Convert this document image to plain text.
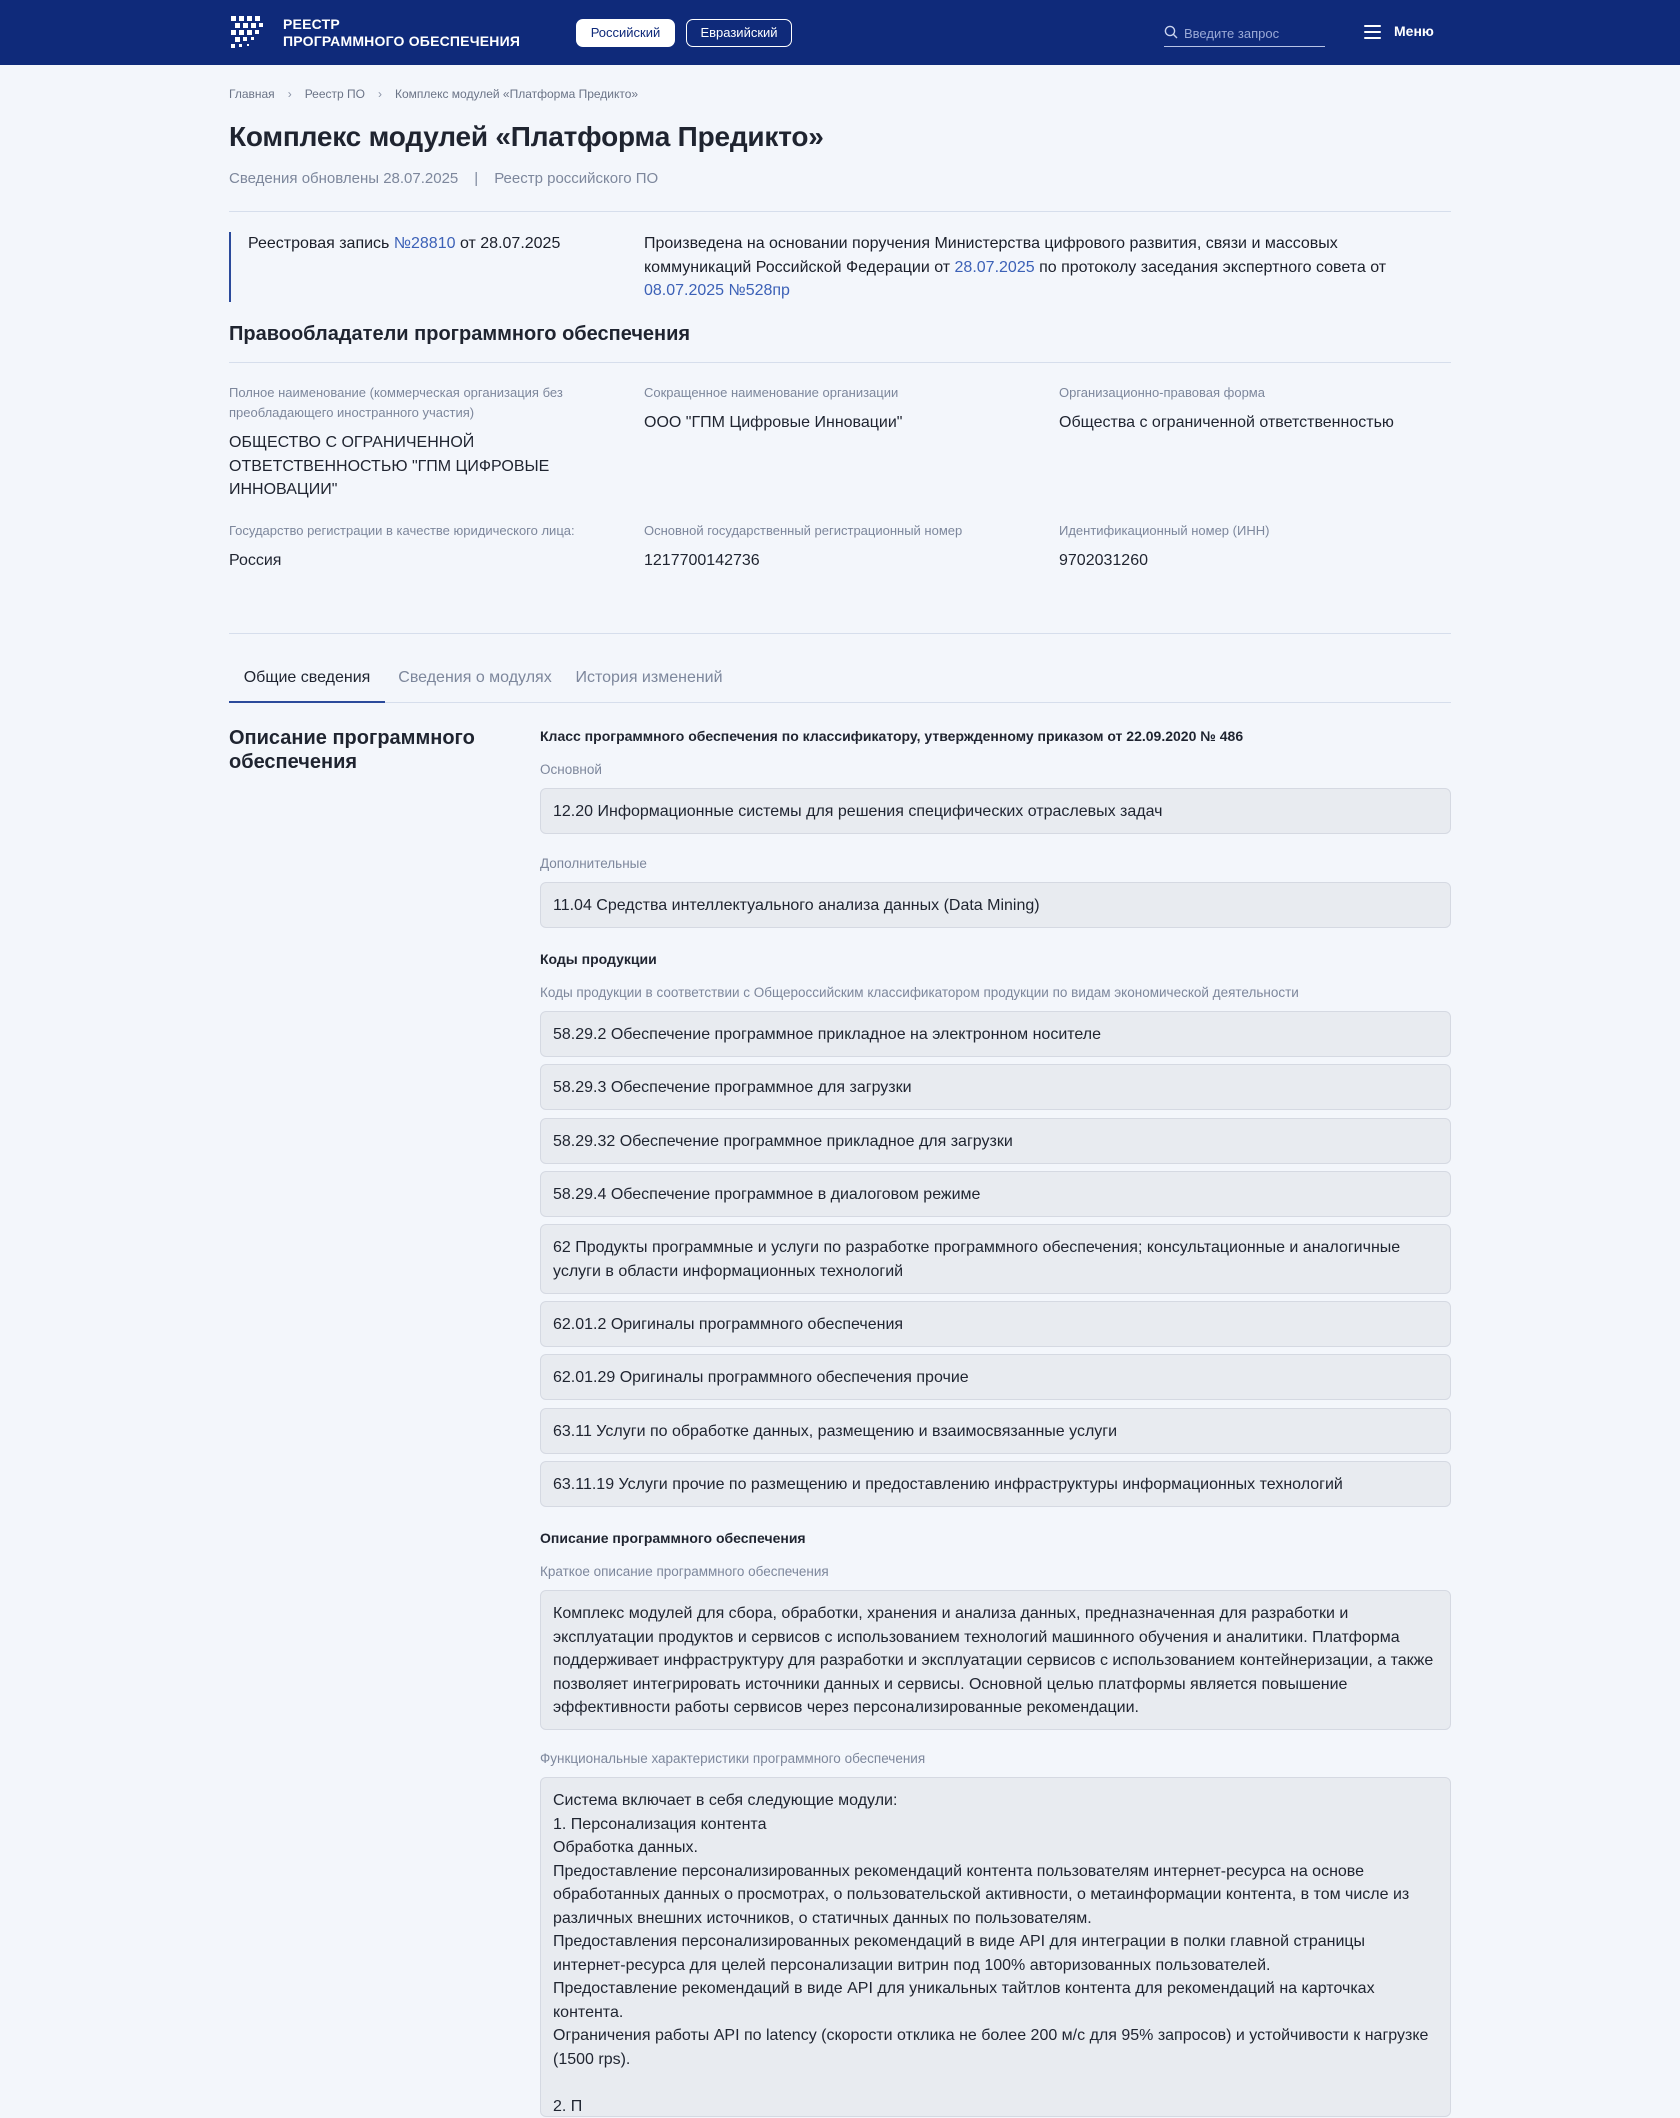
РЕЕСТР
ПРОГРАММНОГО ОБЕСПЕЧЕНИЯ
Российский	Евразийский
Введите запрос	Меню
Главная › Реестр ПО › Комплекс модулей «Платформа Предикто»
Комплекс модулей «Платформа Предикто»
Сведения обновлены 28.07.2025 | Реестр российского ПО
Реестровая запись №28810 от 28.07.2025	Произведена на основании поручения Министерства цифрового развития, связи и массовых коммуникаций Российской Федерации от 28.07.2025 по протоколу заседания экспертного совета от 08.07.2025 №528пр
Правообладатели программного обеспечения
Полное наименование (коммерческая организация без преобладающего иностранного участия)
ОБЩЕСТВО С ОГРАНИЧЕННОЙ ОТВЕТСТВЕННОСТЬЮ "ГПМ ЦИФРОВЫЕ ИННОВАЦИИ"
Сокращенное наименование организации
ООО "ГПМ Цифровые Инновации"
Организационно-правовая форма
Общества с ограниченной ответственностью
Государство регистрации в качестве юридического лица:
Россия
Основной государственный регистрационный номер
1217700142736
Идентификационный номер (ИНН)
9702031260
Общие сведения	Сведения о модулях	История изменений
Описание программного обеспечения
Класс программного обеспечения по классификатору, утвержденному приказом от 22.09.2020 № 486
Основной
12.20 Информационные системы для решения специфических отраслевых задач
Дополнительные
11.04 Средства интеллектуального анализа данных (Data Mining)
Коды продукции
Коды продукции в соответствии с Общероссийским классификатором продукции по видам экономической деятельности
58.29.2 Обеспечение программное прикладное на электронном носителе
58.29.3 Обеспечение программное для загрузки
58.29.32 Обеспечение программное прикладное для загрузки
58.29.4 Обеспечение программное в диалоговом режиме
62 Продукты программные и услуги по разработке программного обеспечения; консультационные и аналогичные услуги в области информационных технологий
62.01.2 Оригиналы программного обеспечения
62.01.29 Оригиналы программного обеспечения прочие
63.11 Услуги по обработке данных, размещению и взаимосвязанные услуги
63.11.19 Услуги прочие по размещению и предоставлению инфраструктуры информационных технологий
Описание программного обеспечения
Краткое описание программного обеспечения
Комплекс модулей для сбора, обработки, хранения и анализа данных, предназначенная для разработки и эксплуатации продуктов и сервисов с использованием технологий машинного обучения и аналитики. Платформа поддерживает инфраструктуру для разработки и эксплуатации сервисов с использованием контейнеризации, а также позволяет интегрировать источники данных и сервисы. Основной целью платформы является повышение эффективности работы сервисов через персонализированные рекомендации.
Функциональные характеристики программного обеспечения
Система включает в себя следующие модули:
1. Персонализация контента
Обработка данных.
Предоставление персонализированных рекомендаций контента пользователям интернет-ресурса на основе обработанных данных о просмотрах, о пользовательской активности, о метаинформации контента, в том числе из различных внешних источников, о статичных данных по пользователям.
Предоставления персонализированных рекомендаций в виде API для интеграции в полки главной страницы интернет-ресурса для целей персонализации витрин под 100% авторизованных пользователей.
Предоставление рекомендаций в виде API для уникальных тайтлов контента для рекомендаций на карточках контента.
Ограничения работы API по latency (скорости отклика не более 200 м/с для 95% запросов) и устойчивости к нагрузке (1500 rps).

2. П
